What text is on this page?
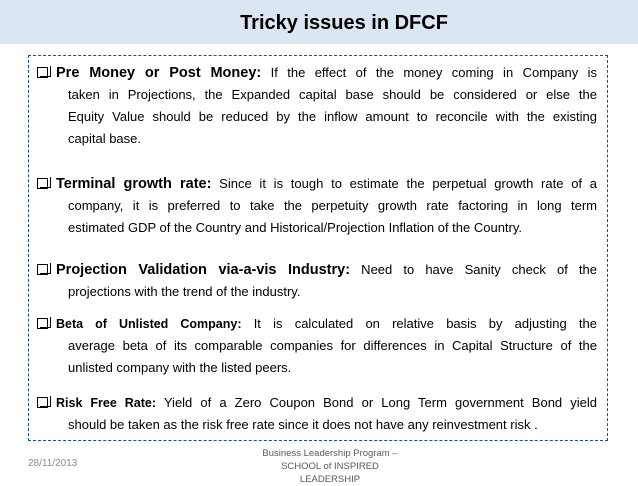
Tricky issues in DFCF
Pre Money or Post Money: If the effect of the money coming in Company is
taken in Projections, the Expanded capital base should be considered or else the
Equity Value should be reduced by the inflow amount to reconcile with the existing
capital base.
Terminal growth rate: Since it is tough to estimate the perpetual growth rate of a
company, it is preferred to take the perpetuity growth rate factoring in long term
estimated GDP of the Country and Historical/Projection Inflation of the Country.
Projection Validation via-a-vis Industry: Need to have Sanity check of the
projections with the trend of the industry.
Beta of Unlisted Company: It is calculated on relative basis by adjusting the
average beta of its comparable companies for differences in Capital Structure of the
unlisted company with the listed peers.
Risk Free Rate: Yield of a Zero Coupon Bond or Long Term government Bond yield
should be taken as the risk free rate since it does not have any reinvestment risk .
28/11/2013
Business Leadership Program –
SCHOOL of INSPIRED LEADERSHIP
